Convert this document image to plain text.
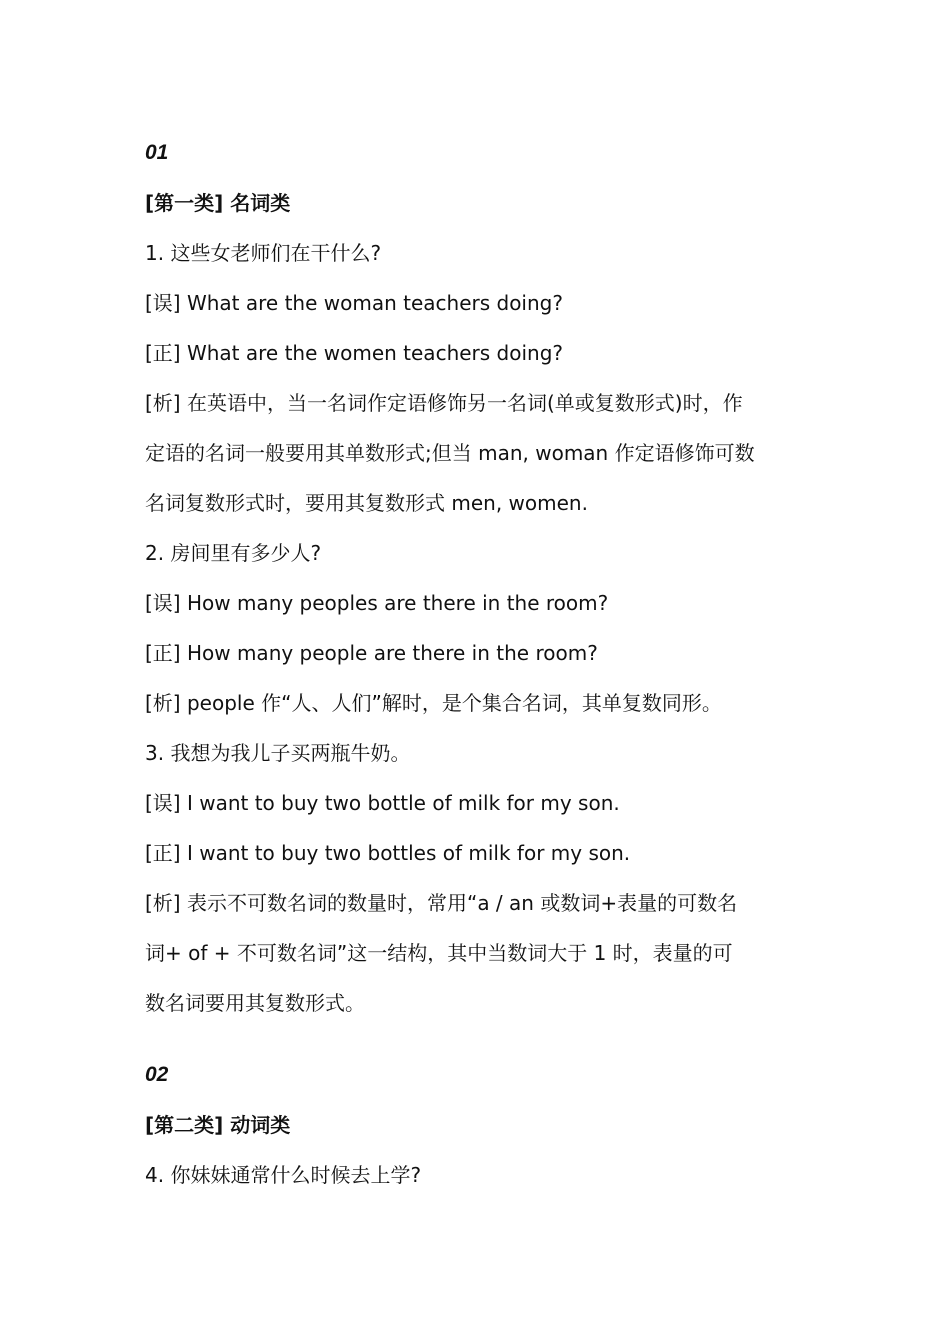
01
[第一类] 名词类
1. 这些女老师们在干什么?
[误] What are the woman teachers doing?
[正] What are the women teachers doing?
[析] 在英语中，当一名词作定语修饰另一名词(单或复数形式)时，作
定语的名词一般要用其单数形式;但当 man, woman 作定语修饰可数
名词复数形式时，要用其复数形式 men, women.
2. 房间里有多少人?
[误] How many peoples are there in the room?
[正] How many people are there in the room?
[析] people 作“人、人们”解时，是个集合名词，其单复数同形。
3. 我想为我儿子买两瓶牛奶。
[误] I want to buy two bottle of milk for my son.
[正] I want to buy two bottles of milk for my son.
[析] 表示不可数名词的数量时，常用“a / an 或数词+表量的可数名
词+ of + 不可数名词”这一结构，其中当数词大于 1 时，表量的可
数名词要用其复数形式。
02
[第二类] 动词类
4. 你妹妹通常什么时候去上学?
